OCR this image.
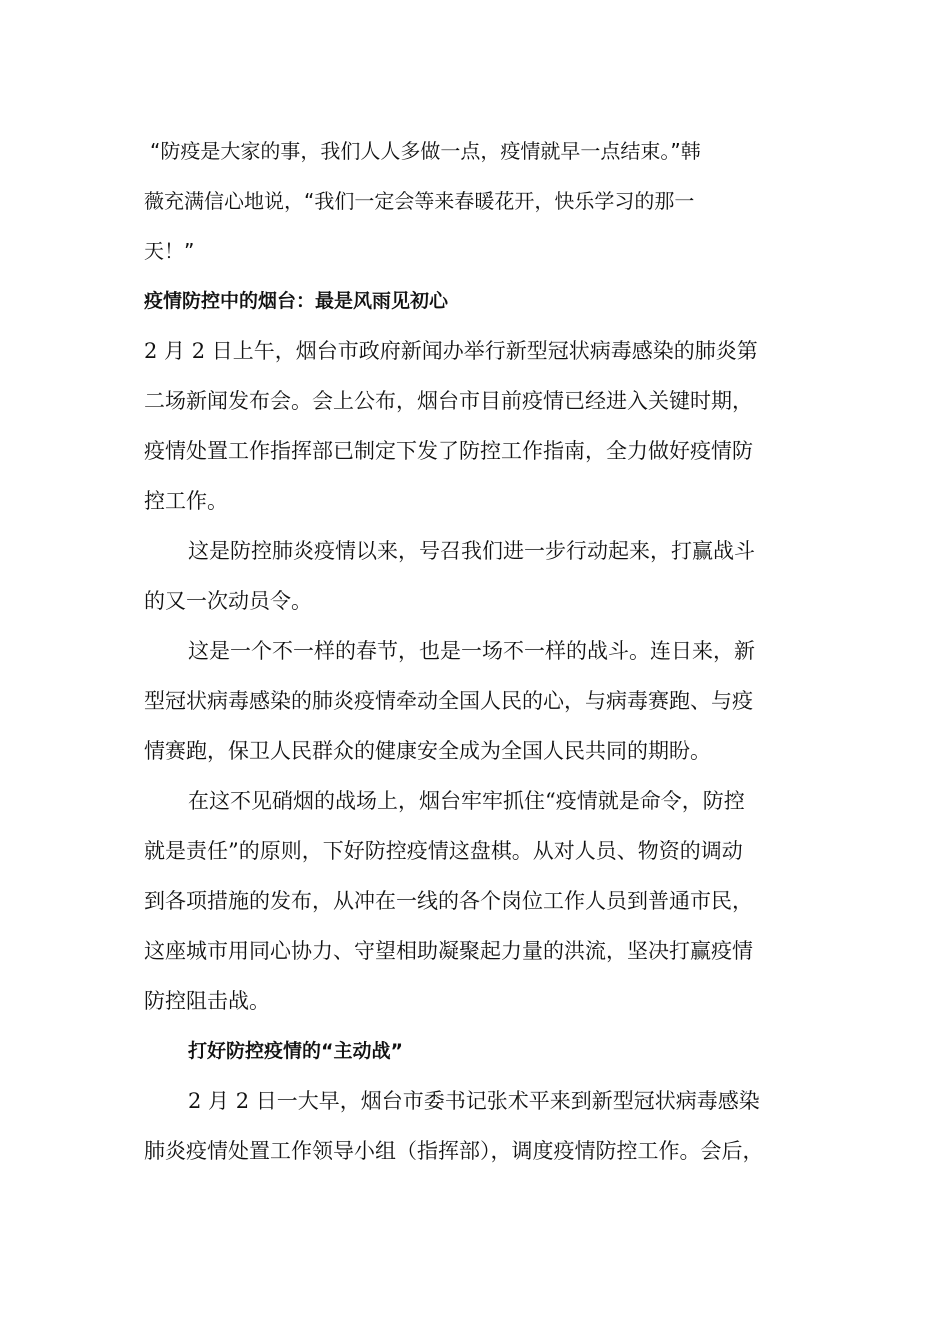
“防疫是大家的事，我们人人多做一点，疫情就早一点结束。”韩
薇充满信心地说，“我们一定会等来春暖花开，快乐学习的那一
天！”
疫情防控中的烟台：最是风雨见初心
2 月 2 日上午，烟台市政府新闻办举行新型冠状病毒感染的肺炎第
二场新闻发布会。会上公布，烟台市目前疫情已经进入关键时期，
疫情处置工作指挥部已制定下发了防控工作指南，全力做好疫情防
控工作。
这是防控肺炎疫情以来，号召我们进一步行动起来，打赢战斗
的又一次动员令。
这是一个不一样的春节，也是一场不一样的战斗。连日来，新
型冠状病毒感染的肺炎疫情牵动全国人民的心，与病毒赛跑、与疫
情赛跑，保卫人民群众的健康安全成为全国人民共同的期盼。
在这不见硝烟的战场上，烟台牢牢抓住“疫情就是命令，防控
就是责任”的原则，下好防控疫情这盘棋。从对人员、物资的调动
到各项措施的发布，从冲在一线的各个岗位工作人员到普通市民，
这座城市用同心协力、守望相助凝聚起力量的洪流，坚决打赢疫情
防控阻击战。
打好防控疫情的“主动战”
2 月 2 日一大早，烟台市委书记张术平来到新型冠状病毒感染
肺炎疫情处置工作领导小组（指挥部），调度疫情防控工作。会后，
